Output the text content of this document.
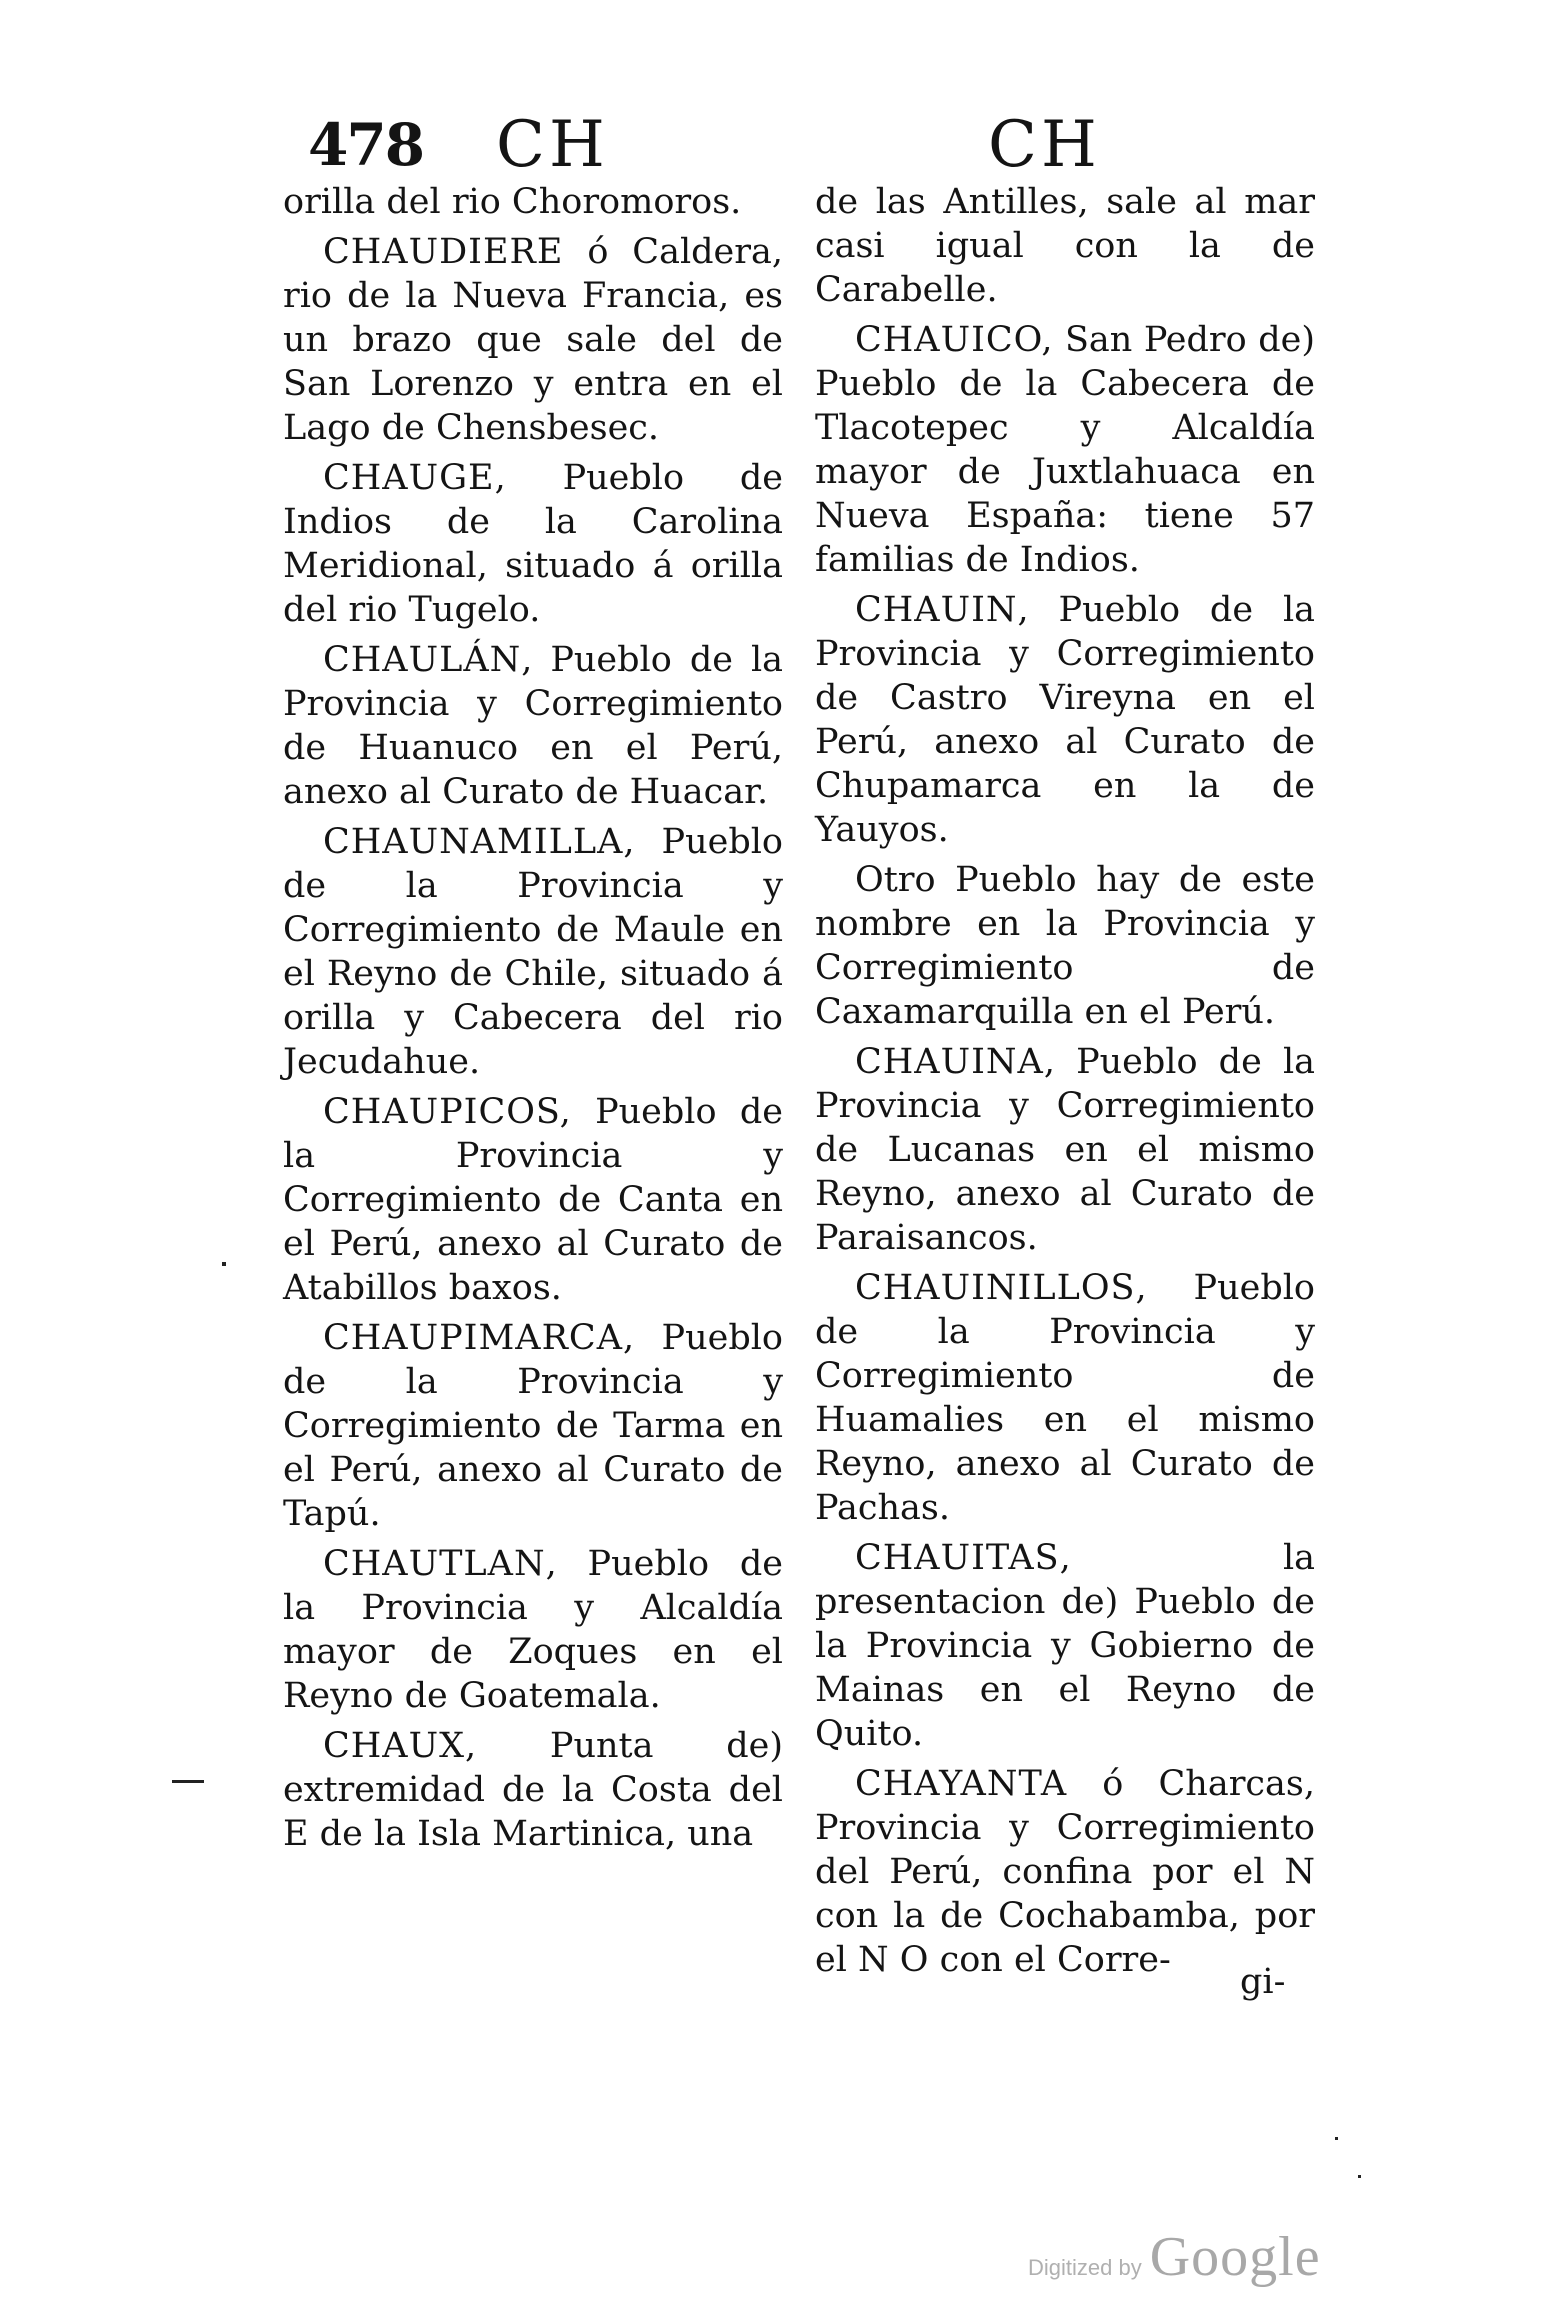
478 CH	CH

orilla del rio Choromoros.

CHAUDIERE ó Caldera, rio de la Nueva Francia, es un brazo que sale del de San Lorenzo y entra en el Lago de Chensbesec.

CHAUGE, Pueblo de Indios de la Carolina Meridional, situado á orilla del rio Tugelo.

CHAULÁN, Pueblo de la Provincia y Corregimiento de Huanuco en el Perú, anexo al Curato de Huacar.

CHAUNAMILLA, Pueblo de la Provincia y Corregimiento de Maule en el Reyno de Chile, situado á orilla y Cabecera del rio Jecudahue.

CHAUPICOS, Pueblo de la Provincia y Corregimiento de Canta en el Perú, anexo al Curato de Atabillos baxos.

CHAUPIMARCA, Pueblo de la Provincia y Corregimiento de Tarma en el Perú, anexo al Curato de Tapú.

CHAUTLAN, Pueblo de la Provincia y Alcaldía mayor de Zoques en el Reyno de Goatemala.

CHAUX, Punta de) extremidad de la Costa del E de la Isla Martinica, una

de las Antilles, sale al mar casi igual con la de Carabelle.

CHAUICO, San Pedro de) Pueblo de la Cabecera de Tlacotepec y Alcaldía mayor de Juxtlahuaca en Nueva España: tiene 57 familias de Indios.

CHAUIN, Pueblo de la Provincia y Corregimiento de Castro Vireyna en el Perú, anexo al Curato de Chupamarca en la de Yauyos.

Otro Pueblo hay de este nombre en la Provincia y Corregimiento de Caxamarquilla en el Perú.

CHAUINA, Pueblo de la Provincia y Corregimiento de Lucanas en el mismo Reyno, anexo al Curato de Paraisancos.

CHAUINILLOS, Pueblo de la Provincia y Corregimiento de Huamalies en el mismo Reyno, anexo al Curato de Pachas.

CHAUITAS, la presentacion de) Pueblo de la Provincia y Gobierno de Mainas en el Reyno de Quito.

CHAYANTA ó Charcas, Provincia y Corregimiento del Perú, confina por el N con la de Cochabamba, por el N O con el Corre-

gi-
Digitized by Google
